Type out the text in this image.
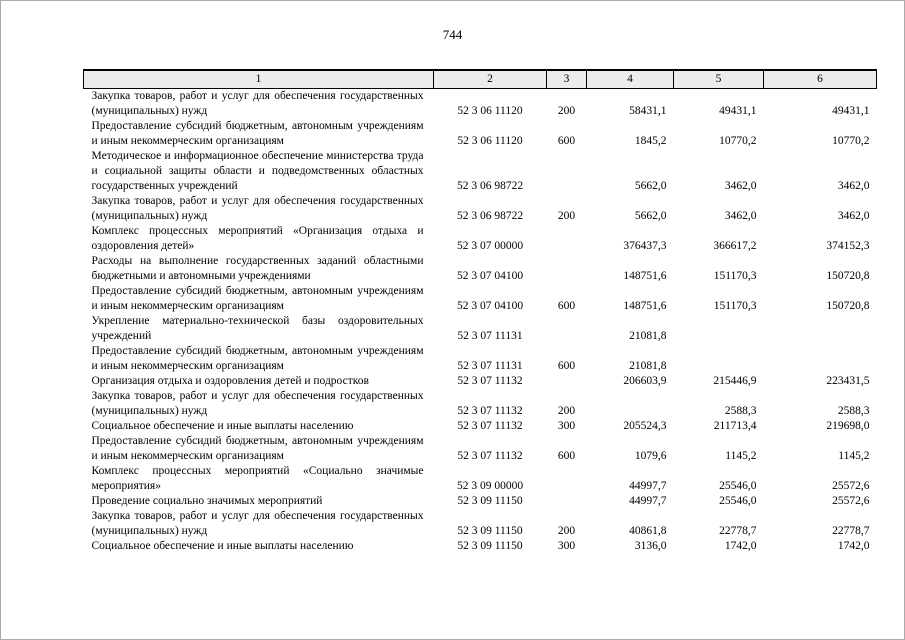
744
1	2	3	4	5	6
Закупка товаров, работ и услуг для обеспечения государственных (муниципальных) нужд	52 3 06 11120	200	58431,1	49431,1	49431,1
Предоставление субсидий бюджетным, автономным учреждениям и иным некоммерческим организациям	52 3 06 11120	600	1845,2	10770,2	10770,2
Методическое и информационное обеспечение министерства труда и социальной защиты области и подведомственных областных государственных учреждений	52 3 06 98722		5662,0	3462,0	3462,0
Закупка товаров, работ и услуг для обеспечения государственных (муниципальных) нужд	52 3 06 98722	200	5662,0	3462,0	3462,0
Комплекс процессных мероприятий «Организация отдыха и оздоровления детей»	52 3 07 00000		376437,3	366617,2	374152,3
Расходы на выполнение государственных заданий областными бюджетными и автономными учреждениями	52 3 07 04100		148751,6	151170,3	150720,8
Предоставление субсидий бюджетным, автономным учреждениям и иным некоммерческим организациям	52 3 07 04100	600	148751,6	151170,3	150720,8
Укрепление материально-технической базы оздоровительных учреждений	52 3 07 11131		21081,8		
Предоставление субсидий бюджетным, автономным учреждениям и иным некоммерческим организациям	52 3 07 11131	600	21081,8		
Организация отдыха и оздоровления детей и подростков	52 3 07 11132		206603,9	215446,9	223431,5
Закупка товаров, работ и услуг для обеспечения государственных (муниципальных) нужд	52 3 07 11132	200		2588,3	2588,3
Социальное обеспечение и иные выплаты населению	52 3 07 11132	300	205524,3	211713,4	219698,0
Предоставление субсидий бюджетным, автономным учреждениям и иным некоммерческим организациям	52 3 07 11132	600	1079,6	1145,2	1145,2
Комплекс процессных мероприятий «Социально значимые мероприятия»	52 3 09 00000		44997,7	25546,0	25572,6
Проведение социально значимых мероприятий	52 3 09 11150		44997,7	25546,0	25572,6
Закупка товаров, работ и услуг для обеспечения государственных (муниципальных) нужд	52 3 09 11150	200	40861,8	22778,7	22778,7
Социальное обеспечение и иные выплаты населению	52 3 09 11150	300	3136,0	1742,0	1742,0
